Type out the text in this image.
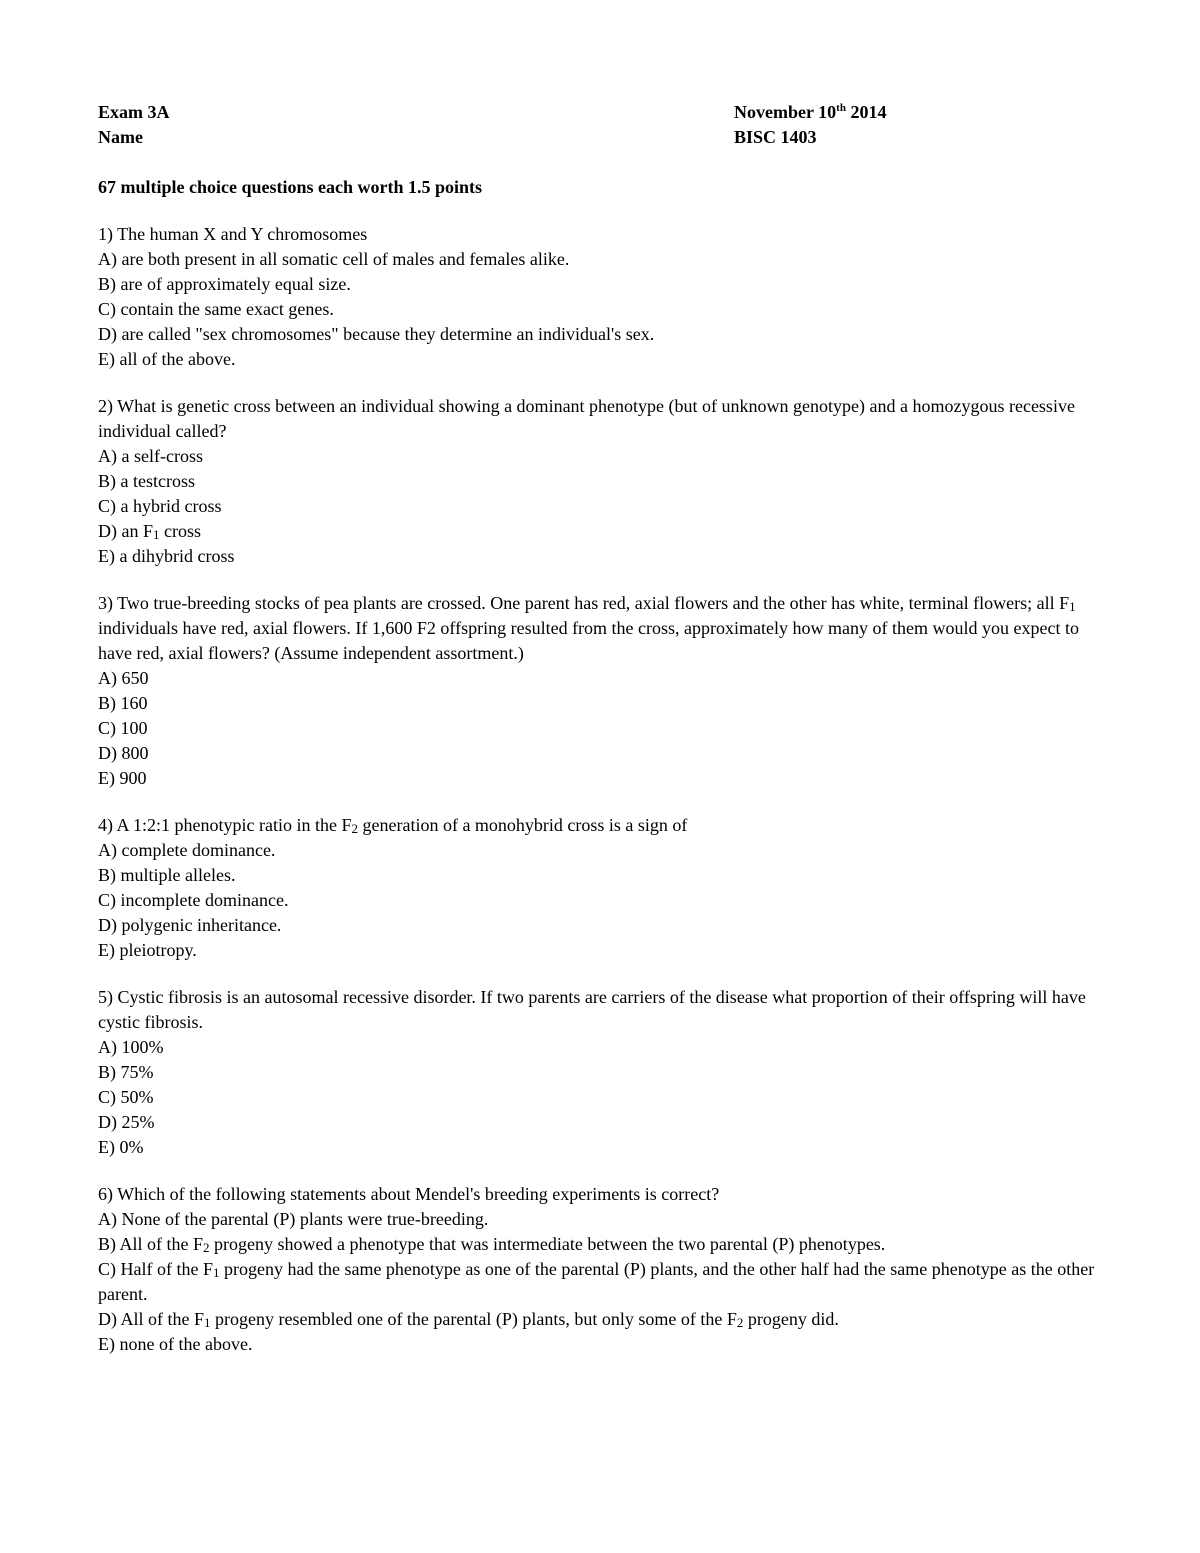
Exam 3A	November 10th 2014
Name	BISC 1403
67 multiple choice questions each worth 1.5 points
1) The human X and Y chromosomes
A) are both present in all somatic cell of males and females alike.
B) are of approximately equal size.
C) contain the same exact genes.
D) are called "sex chromosomes" because they determine an individual's sex.
E) all of the above.
2) What is genetic cross between an individual showing a dominant phenotype (but of unknown genotype) and a homozygous recessive individual called?
A) a self-cross
B) a testcross
C) a hybrid cross
D) an F1 cross
E) a dihybrid cross
3) Two true-breeding stocks of pea plants are crossed. One parent has red, axial flowers and the other has white, terminal flowers; all F1 individuals have red, axial flowers. If 1,600 F2 offspring resulted from the cross, approximately how many of them would you expect to have red, axial flowers? (Assume independent assortment.)
A) 650
B) 160
C) 100
D) 800
E) 900
4) A 1:2:1 phenotypic ratio in the F2 generation of a monohybrid cross is a sign of
A) complete dominance.
B) multiple alleles.
C) incomplete dominance.
D) polygenic inheritance.
E) pleiotropy.
5) Cystic fibrosis is an autosomal recessive disorder. If two parents are carriers of the disease what proportion of their offspring will have cystic fibrosis.
A) 100%
B) 75%
C) 50%
D) 25%
E) 0%
6) Which of the following statements about Mendel's breeding experiments is correct?
A) None of the parental (P) plants were true-breeding.
B) All of the F2 progeny showed a phenotype that was intermediate between the two parental (P) phenotypes.
C) Half of the F1 progeny had the same phenotype as one of the parental (P) plants, and the other half had the same phenotype as the other parent.
D) All of the F1 progeny resembled one of the parental (P) plants, but only some of the F2 progeny did.
E) none of the above.
